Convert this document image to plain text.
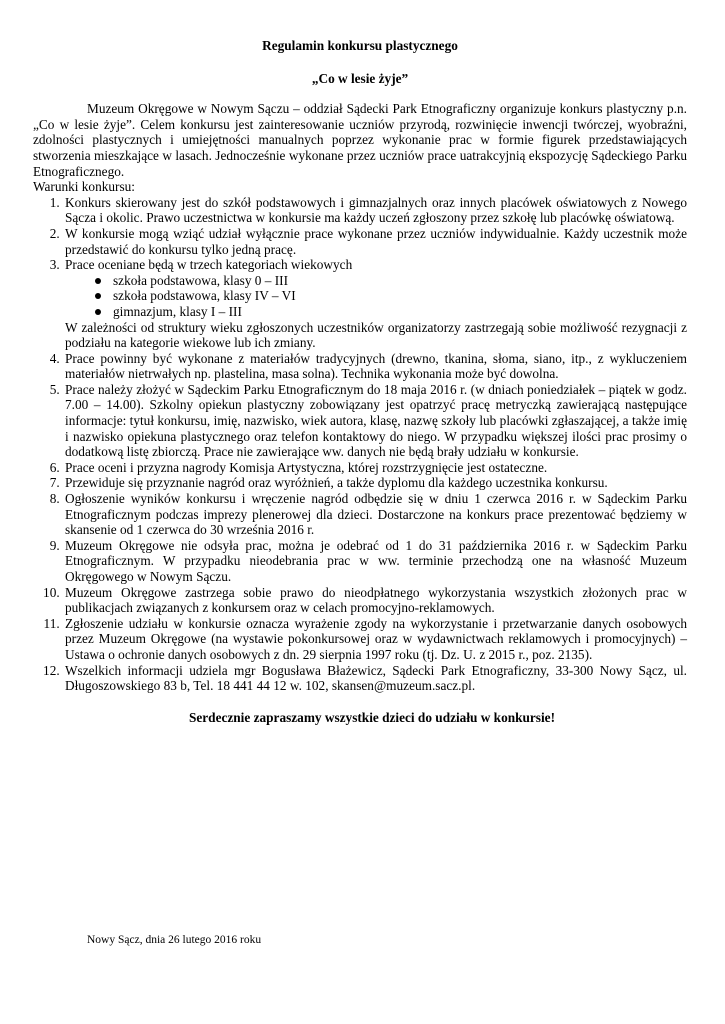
Regulamin konkursu plastycznego

„Co w lesie żyje”

Muzeum Okręgowe w Nowym Sączu – oddział Sądecki Park Etnograficzny organizuje konkurs plastyczny p.n. „Co w lesie żyje”. Celem konkursu jest zainteresowanie uczniów przyrodą, rozwinięcie inwencji twórczej, wyobraźni, zdolności plastycznych i umiejętności manualnych poprzez wykonanie prac w formie figurek przedstawiających stworzenia mieszkające w lasach. Jednocześnie wykonane przez uczniów prace uatrakcyjnią ekspozycję Sądeckiego Parku Etnograficznego.

Warunki konkursu:

1. Konkurs skierowany jest do szkół podstawowych i gimnazjalnych oraz innych placówek oświatowych z Nowego Sącza i okolic. Prawo uczestnictwa w konkursie ma każdy uczeń zgłoszony przez szkołę lub placówkę oświatową.
2. W konkursie mogą wziąć udział wyłącznie prace wykonane przez uczniów indywidualnie. Każdy uczestnik może przedstawić do konkursu tylko jedną pracę.
3. Prace oceniane będą w trzech kategoriach wiekowych
szkoła podstawowa, klasy 0 – III
szkoła podstawowa, klasy IV – VI
gimnazjum, klasy I – III
W zależności od struktury wieku zgłoszonych uczestników organizatorzy zastrzegają sobie możliwość rezygnacji z podziału na kategorie wiekowe lub ich zmiany.
4. Prace powinny być wykonane z materiałów tradycyjnych (drewno, tkanina, słoma, siano, itp., z wykluczeniem materiałów nietrwałych np. plastelina, masa solna). Technika wykonania może być dowolna.
5. Prace należy złożyć w Sądeckim Parku Etnograficznym do 18 maja 2016 r. (w dniach poniedziałek – piątek w godz. 7.00 – 14.00). Szkolny opiekun plastyczny zobowiązany jest opatrzyć pracę metryczką zawierającą następujące informacje: tytuł konkursu, imię, nazwisko, wiek autora, klasę, nazwę szkoły lub placówki zgłaszającej, a także imię i nazwisko opiekuna plastycznego oraz telefon kontaktowy do niego. W przypadku większej ilości prac prosimy o dodatkową listę zbiorczą. Prace nie zawierające ww. danych nie będą brały udziału w konkursie.
6. Prace oceni i przyzna nagrody Komisja Artystyczna, której rozstrzygnięcie jest ostateczne.
7. Przewiduje się przyznanie nagród oraz wyróżnień, a także dyplomu dla każdego uczestnika konkursu.
8. Ogłoszenie wyników konkursu i wręczenie nagród odbędzie się w dniu 1 czerwca 2016 r. w Sądeckim Parku Etnograficznym podczas imprezy plenerowej dla dzieci. Dostarczone na konkurs prace prezentować będziemy w skansenie od 1 czerwca do 30 września 2016 r.
9. Muzeum Okręgowe nie odsyła prac, można je odebrać od 1 do 31 października 2016 r. w Sądeckim Parku Etnograficznym. W przypadku nieodebrania prac w ww. terminie przechodzą one na własność Muzeum Okręgowego w Nowym Sączu.
10. Muzeum Okręgowe zastrzega sobie prawo do nieodpłatnego wykorzystania wszystkich złożonych prac w publikacjach związanych z konkursem oraz w celach promocyjno-reklamowych.
11. Zgłoszenie udziału w konkursie oznacza wyrażenie zgody na wykorzystanie i przetwarzanie danych osobowych przez Muzeum Okręgowe (na wystawie pokonkursowej oraz w wydawnictwach reklamowych i promocyjnych) – Ustawa o ochronie danych osobowych z dn. 29 sierpnia 1997 roku (tj. Dz. U. z 2015 r., poz. 2135).
12. Wszelkich informacji udziela mgr Bogusława Błażewicz, Sądecki Park Etnograficzny, 33-300 Nowy Sącz, ul. Długoszowskiego 83 b, Tel. 18 441 44 12 w. 102, skansen@muzeum.sacz.pl.

Serdecznie zapraszamy wszystkie dzieci do udziału w konkursie!

Nowy Sącz, dnia 26 lutego 2016 roku
